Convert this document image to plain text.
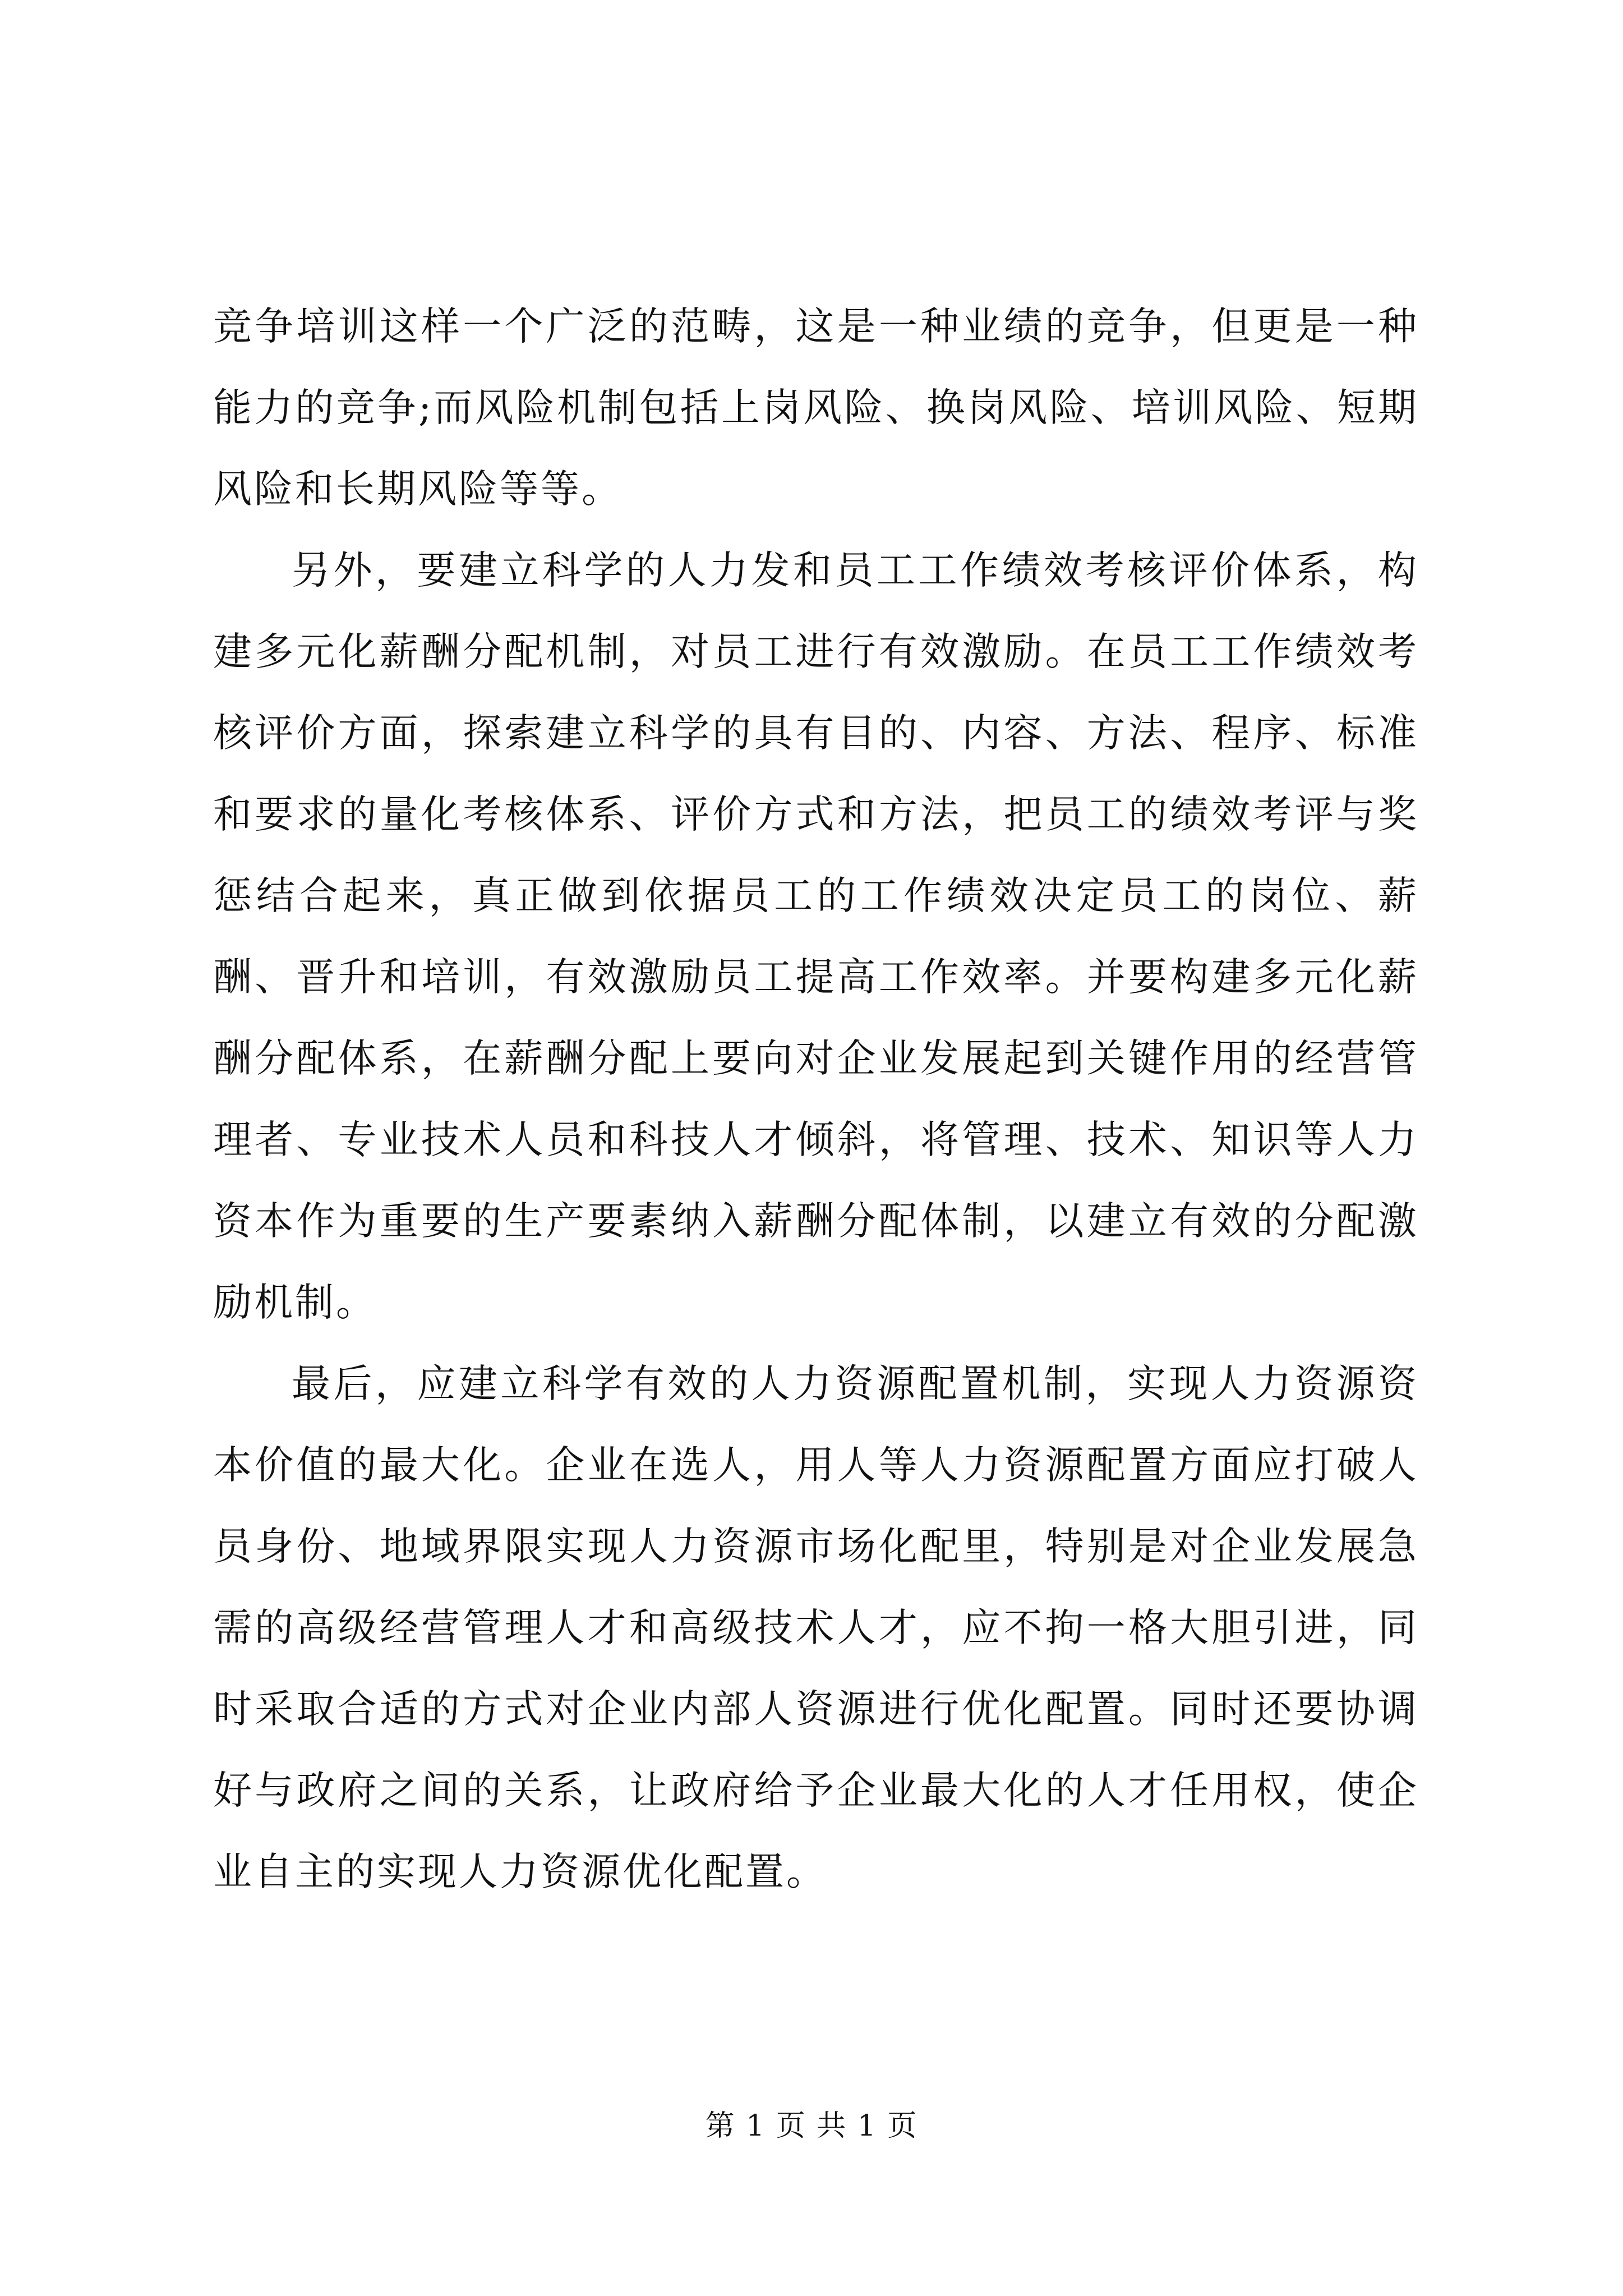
竞争培训这样一个广泛的范畴，这是一种业绩的竞争，但更是一种能力的竞争;而风险机制包括上岗风险、换岗风险、培训风险、短期风险和长期风险等等。

另外，要建立科学的人力发和员工工作绩效考核评价体系，构建多元化薪酬分配机制，对员工进行有效激励。在员工工作绩效考核评价方面，探索建立科学的具有目的、内容、方法、程序、标准和要求的量化考核体系、评价方式和方法，把员工的绩效考评与奖惩结合起来，真正做到依据员工的工作绩效决定员工的岗位、薪酬、晋升和培训，有效激励员工提高工作效率。并要构建多元化薪酬分配体系，在薪酬分配上要向对企业发展起到关键作用的经营管理者、专业技术人员和科技人才倾斜，将管理、技术、知识等人力资本作为重要的生产要素纳入薪酬分配体制，以建立有效的分配激励机制。

最后，应建立科学有效的人力资源配置机制，实现人力资源资本价值的最大化。企业在选人，用人等人力资源配置方面应打破人员身份、地域界限实现人力资源市场化配里，特别是对企业发展急需的高级经营管理人才和高级技术人才，应不拘一格大胆引进，同时采取合适的方式对企业内部人资源进行优化配置。同时还要协调好与政府之间的关系，让政府给予企业最大化的人才任用权，使企业自主的实现人力资源优化配置。

第 1 页 共 1 页
